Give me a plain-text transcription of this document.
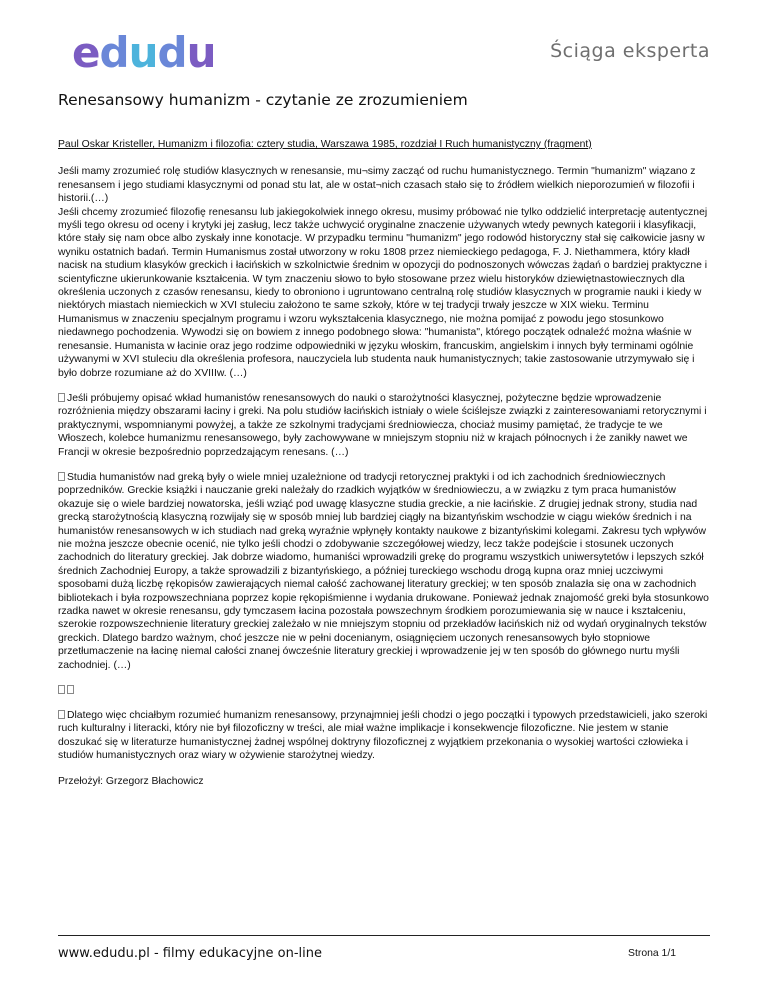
edudu	Ściąga eksperta
Renesansowy humanizm - czytanie ze zrozumieniem

Paul Oskar Kristeller, Humanizm i filozofia: cztery studia, Warszawa 1985, rozdział I Ruch humanistyczny (fragment)

Jeśli mamy zrozumieć rolę studiów klasycznych w renesansie, mu¬simy zacząć od ruchu humanistycznego. Termin "humanizm" wiązano z renesansem i jego studiami klasycznymi od ponad stu lat, ale w ostat¬nich czasach stało się to źródłem wielkich nieporozumień w filozofii i historii.(…)

Jeśli chcemy zrozumieć filozofię renesansu lub jakiegokolwiek innego okresu, musimy próbować nie tylko oddzielić interpretację autentycznej myśli tego okresu od oceny i krytyki jej zasług, lecz także uchwycić oryginalne znaczenie używanych wtedy pewnych kategorii i klasyfikacji, które stały się nam obce albo zyskały inne konotacje. W przypadku terminu "humanizm" jego rodowód historyczny stał się całkowicie jasny w wyniku ostatnich badań. Termin Humanismus został utworzony w roku 1808 przez niemieckiego pedagoga, F. J. Niethammera, który kładł nacisk na studium klasyków greckich i łacińskich w szkolnictwie średnim w opozycji do podnoszonych wówczas żądań o bardziej praktyczne i scientyficzne ukierunkowanie kształcenia. W tym znaczeniu słowo to było stosowane przez wielu historyków dziewiętnastowiecznych dla określenia uczonych z czasów renesansu, kiedy to obroniono i ugruntowano centralną rolę studiów klasycznych w programie nauki i kiedy w niektórych miastach niemieckich w XVI stuleciu założono te same szkoły, które w tej tradycji trwały jeszcze w XIX wieku. Terminu Humanismus w znaczeniu specjalnym programu i wzoru wykształcenia klasycznego, nie można pomijać z powodu jego stosunkowo niedawnego pochodzenia. Wywodzi się on bowiem z innego podobnego słowa: "humanista", którego początek odnaleźć można właśnie w renesansie. Humanista w łacinie oraz jego rodzime odpowiedniki w języku włoskim, francuskim, angielskim i innych były terminami ogólnie używanymi w XVI stuleciu dla określenia profesora, nauczyciela lub studenta nauk humanistycznych; takie zastosowanie utrzymywało się i było dobrze rozumiane aż do XVIIIw. (…)

Jeśli próbujemy opisać wkład humanistów renesansowych do nauki o starożytności klasycznej, pożyteczne będzie wprowadzenie rozróżnienia między obszarami łaciny i greki. Na polu studiów łacińskich istniały o wiele ściślejsze związki z zainteresowaniami retorycznymi i praktycznymi, wspomnianymi powyżej, a także ze szkolnymi tradycjami średniowiecza, chociaż musimy pamiętać, że tradycje te we Włoszech, kolebce humanizmu renesansowego, były zachowywane w mniejszym stopniu niż w krajach północnych i że zanikły nawet we Francji w okresie bezpośrednio poprzedzającym renesans. (…)

Studia humanistów nad greką były o wiele mniej uzależnione od tradycji retorycznej praktyki i od ich zachodnich średniowiecznych poprzedników. Greckie książki i nauczanie greki należały do rzadkich wyjątków w średniowieczu, a w związku z tym praca humanistów okazuje się o wiele bardziej nowatorska, jeśli wziąć pod uwagę klasyczne studia greckie, a nie łacińskie. Z drugiej jednak strony, studia nad grecką starożytnością klasyczną rozwijały się w sposób mniej lub bardziej ciągły na bizantyńskim wschodzie w ciągu wieków średnich i na humanistów renesansowych w ich studiach nad greką wyraźnie wpłynęły kontakty naukowe z bizantyńskimi kolegami. Zakresu tych wpływów nie można jeszcze obecnie ocenić, nie tylko jeśli chodzi o zdobywanie szczegółowej wiedzy, lecz także podejście i stosunek uczonych zachodnich do literatury greckiej. Jak dobrze wiadomo, humaniści wprowadzili grekę do programu wszystkich uniwersytetów i lepszych szkół średnich Zachodniej Europy, a także sprowadzili z bizantyńskiego, a później tureckiego wschodu drogą kupna oraz mniej uczciwymi sposobami dużą liczbę rękopisów zawierających niemal całość zachowanej literatury greckiej; w ten sposób znalazła się ona w zachodnich bibliotekach i była rozpowszechniana poprzez kopie rękopiśmienne i wydania drukowane. Ponieważ jednak znajomość greki była stosunkowo rzadka nawet w okresie renesansu, gdy tymczasem łacina pozostała powszechnym środkiem porozumiewania się w nauce i kształceniu, szerokie rozpowszechnienie literatury greckiej zależało w nie mniejszym stopniu od przekładów łacińskich niż od wydań oryginalnych tekstów greckich. Dlatego bardzo ważnym, choć jeszcze nie w pełni docenianym, osiągnięciem uczonych renesansowych było stopniowe przetłumaczenie na łacinę niemal całości znanej ówcześnie literatury greckiej i wprowadzenie jej w ten sposób do głównego nurtu myśli zachodniej. (…)

Dlatego więc chciałbym rozumieć humanizm renesansowy, przynajmniej jeśli chodzi o jego początki i typowych przedstawicieli, jako szeroki ruch kulturalny i literacki, który nie był filozoficzny w treści, ale miał ważne implikacje i konsekwencje filozoficzne. Nie jestem w stanie doszukać się w literaturze humanistycznej żadnej wspólnej doktryny filozoficznej z wyjątkiem przekonania o wysokiej wartości człowieka i studiów humanistycznych oraz wiary w ożywienie starożytnej wiedzy.

Przełożył: Grzegorz Błachowicz

www.edudu.pl - filmy edukacyjne on-line	Strona 1/1
